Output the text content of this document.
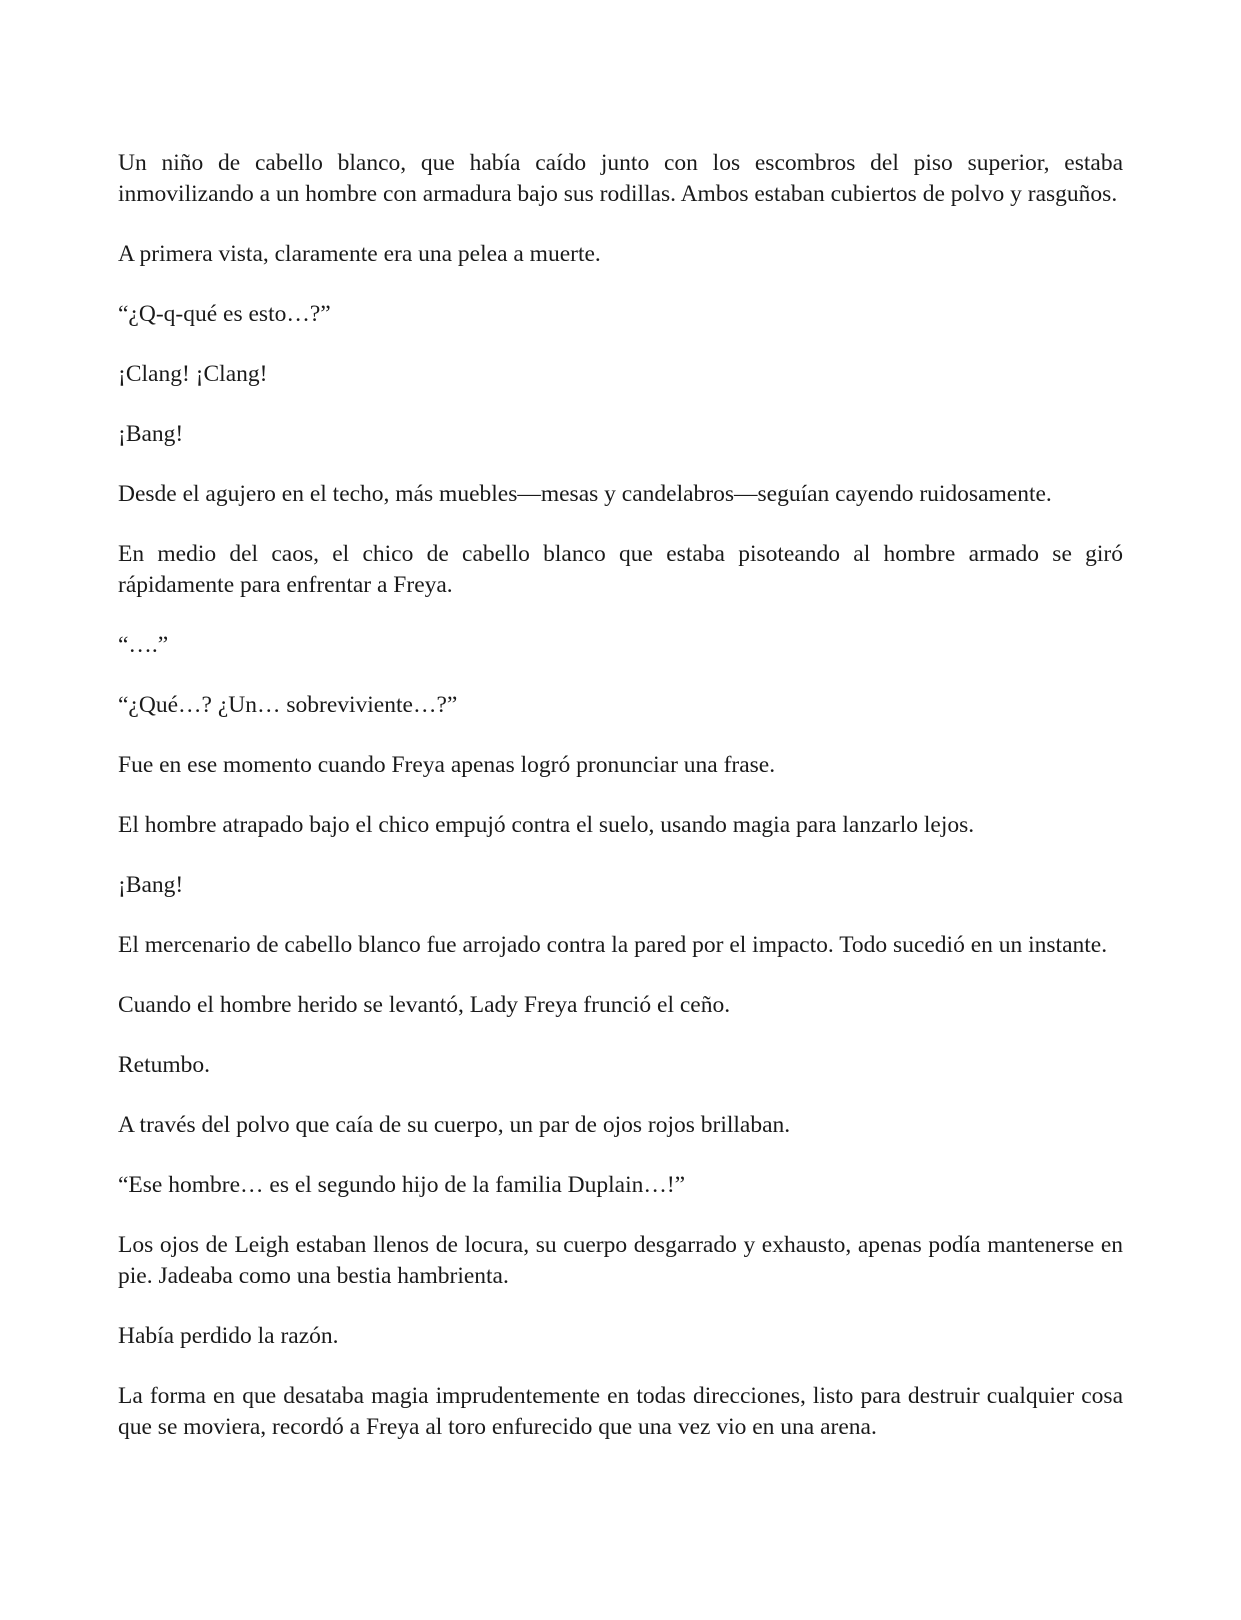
Un niño de cabello blanco, que había caído junto con los escombros del piso superior, estaba inmovilizando a un hombre con armadura bajo sus rodillas. Ambos estaban cubiertos de polvo y rasguños.

A primera vista, claramente era una pelea a muerte.

“¿Q-q-qué es esto…?”

¡Clang! ¡Clang!

¡Bang!

Desde el agujero en el techo, más muebles—mesas y candelabros—seguían cayendo ruidosamente.

En medio del caos, el chico de cabello blanco que estaba pisoteando al hombre armado se giró rápidamente para enfrentar a Freya.

“….”

“¿Qué…? ¿Un… sobreviviente…?”

Fue en ese momento cuando Freya apenas logró pronunciar una frase.

El hombre atrapado bajo el chico empujó contra el suelo, usando magia para lanzarlo lejos.

¡Bang!

El mercenario de cabello blanco fue arrojado contra la pared por el impacto. Todo sucedió en un instante.

Cuando el hombre herido se levantó, Lady Freya frunció el ceño.

Retumbo.

A través del polvo que caía de su cuerpo, un par de ojos rojos brillaban.

“Ese hombre… es el segundo hijo de la familia Duplain…!”

Los ojos de Leigh estaban llenos de locura, su cuerpo desgarrado y exhausto, apenas podía mantenerse en pie. Jadeaba como una bestia hambrienta.

Había perdido la razón.

La forma en que desataba magia imprudentemente en todas direcciones, listo para destruir cualquier cosa que se moviera, recordó a Freya al toro enfurecido que una vez vio en una arena.
